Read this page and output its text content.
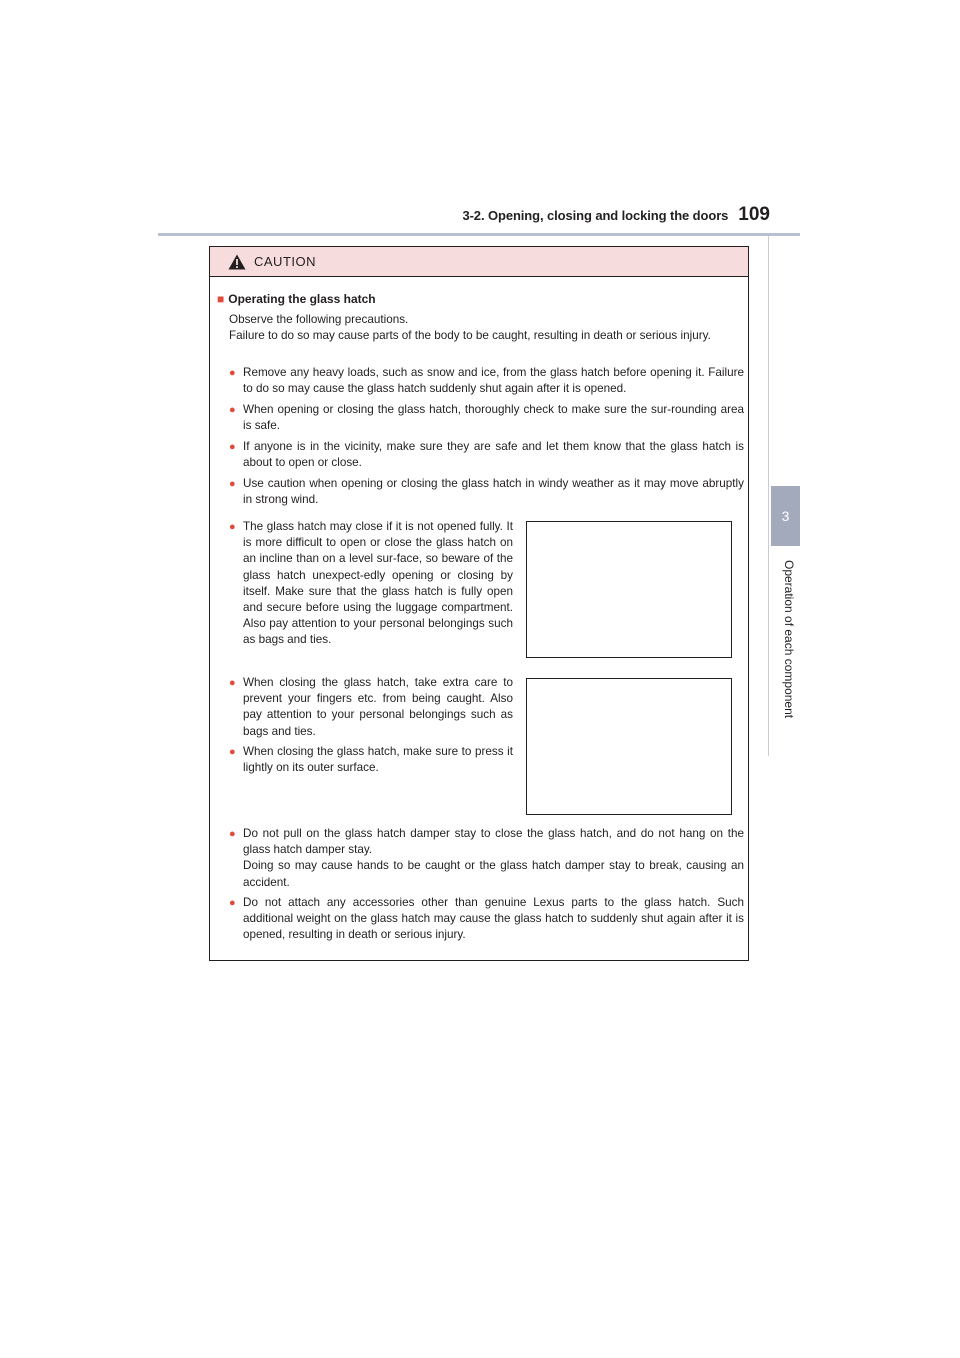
3-2. Opening, closing and locking the doors 109
3
Operation of each component
CAUTION
■ Operating the glass hatch
Observe the following precautions.
Failure to do so may cause parts of the body to be caught, resulting in death or serious injury.
● Remove any heavy loads, such as snow and ice, from the glass hatch before opening it. Failure to do so may cause the glass hatch suddenly shut again after it is opened.
● When opening or closing the glass hatch, thoroughly check to make sure the sur-rounding area is safe.
● If anyone is in the vicinity, make sure they are safe and let them know that the glass hatch is about to open or close.
● Use caution when opening or closing the glass hatch in windy weather as it may move abruptly in strong wind.
● The glass hatch may close if it is not opened fully. It is more difficult to open or close the glass hatch on an incline than on a level sur-face, so beware of the glass hatch unexpect-edly opening or closing by itself. Make sure that the glass hatch is fully open and secure before using the luggage compartment. Also pay attention to your personal belongings such as bags and ties.
● When closing the glass hatch, take extra care to prevent your fingers etc. from being caught. Also pay attention to your personal belongings such as bags and ties.
● When closing the glass hatch, make sure to press it lightly on its outer surface.
● Do not pull on the glass hatch damper stay to close the glass hatch, and do not hang on the glass hatch damper stay.
Doing so may cause hands to be caught or the glass hatch damper stay to break, causing an accident.
● Do not attach any accessories other than genuine Lexus parts to the glass hatch. Such additional weight on the glass hatch may cause the glass hatch to suddenly shut again after it is opened, resulting in death or serious injury.
